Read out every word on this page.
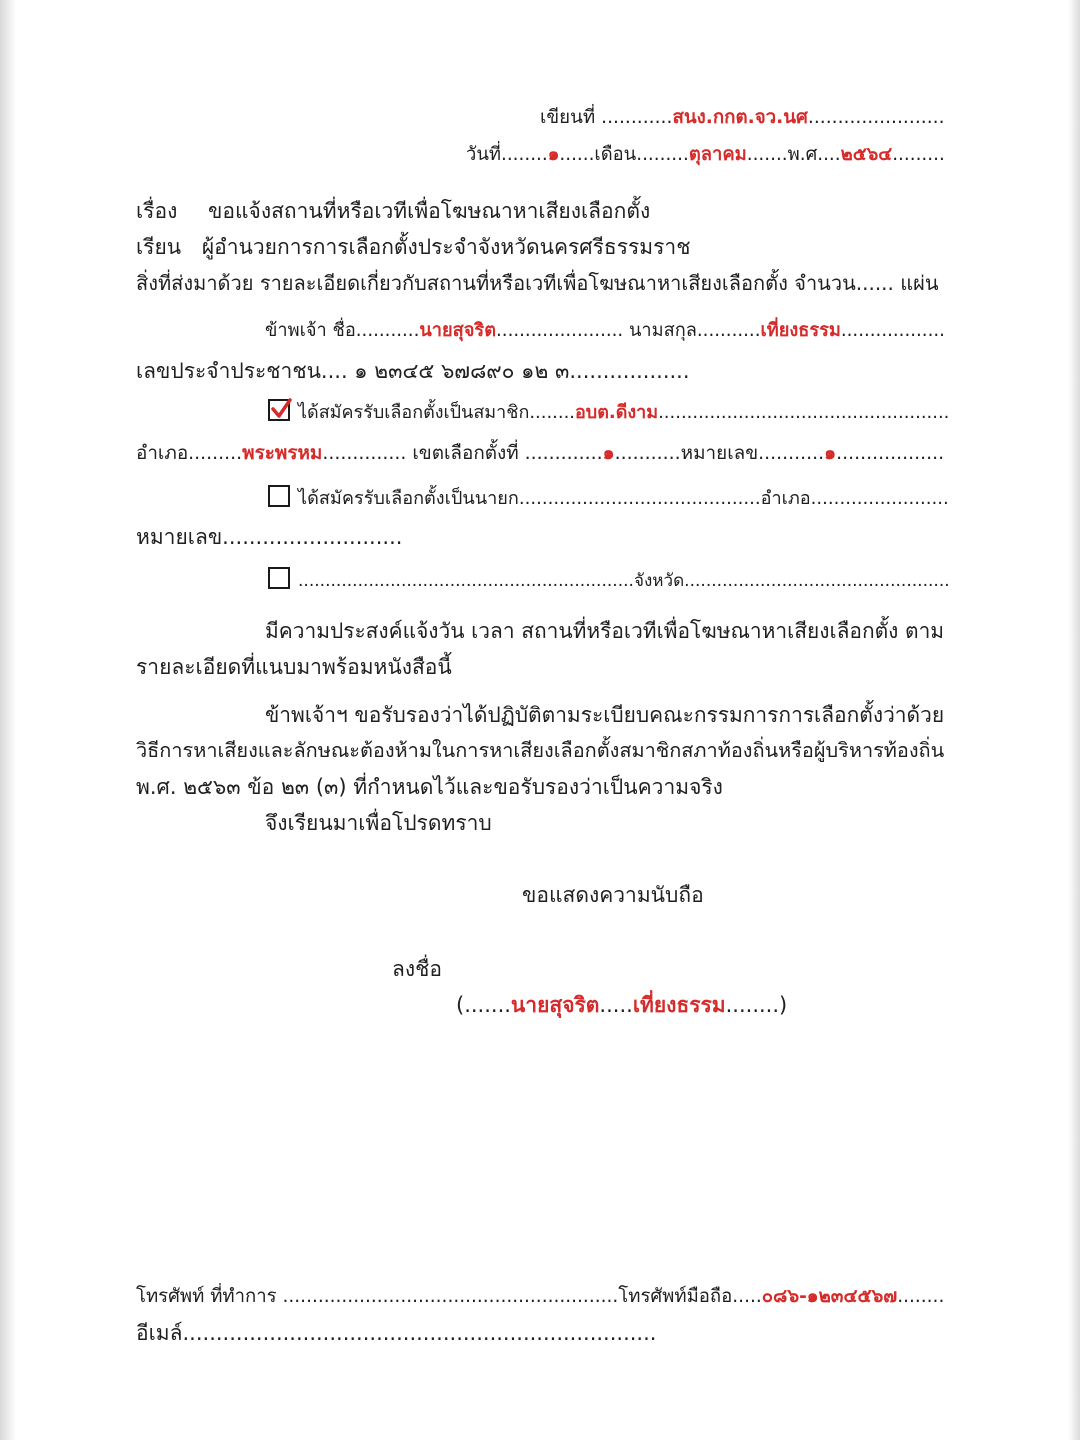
เขียนที่ ............สนง.กกต.จว.นศ.......................
วันที่........๑......เดือน.........ตุลาคม.......พ.ศ....๒๕๖๔.........
เรื่อง ขอแจ้งสถานที่หรือเวทีเพื่อโฆษณาหาเสียงเลือกตั้ง
เรียน ผู้อำนวยการการเลือกตั้งประจำจังหวัดนครศรีธรรมราช
สิ่งที่ส่งมาด้วย รายละเอียดเกี่ยวกับสถานที่หรือเวทีเพื่อโฆษณาหาเสียงเลือกตั้ง จำนวน...... แผ่น
ข้าพเจ้า ชื่อ...........นายสุจริต...................... นามสกุล...........เที่ยงธรรม..................
เลขประจำประชาชน.... ๑ ๒๓๔๕ ๖๗๘๙๐ ๑๒ ๓..................
ได้สมัครรับเลือกตั้งเป็นสมาชิก........อบต.ดีงาม...................................................
อำเภอ.........พระพรหม.............. เขตเลือกตั้งที่ .............๑...........หมายเลข...........๑..................
ได้สมัครรับเลือกตั้งเป็นนายก..........................................อำเภอ........................
หมายเลข...........................
..............................................................จังหวัด.................................................
มีความประสงค์แจ้งวัน เวลา สถานที่หรือเวทีเพื่อโฆษณาหาเสียงเลือกตั้ง ตาม
รายละเอียดที่แนบมาพร้อมหนังสือนี้
ข้าพเจ้าฯ ขอรับรองว่าได้ปฏิบัติตามระเบียบคณะกรรมการการเลือกตั้งว่าด้วย
วิธีการหาเสียงและลักษณะต้องห้ามในการหาเสียงเลือกตั้งสมาชิกสภาท้องถิ่นหรือผู้บริหารท้องถิ่น
พ.ศ. ๒๕๖๓ ข้อ ๒๓ (๓) ที่กำหนดไว้และขอรับรองว่าเป็นความจริง
จึงเรียนมาเพื่อโปรดทราบ
ขอแสดงความนับถือ
ลงชื่อ
(.......นายสุจริต.....เที่ยงธรรม........)
โทรศัพท์ ที่ทำการ .........................................................โทรศัพท์มือถือ.....๐๘๖-๑๒๓๔๕๖๗........
อีเมล์.......................................................................
